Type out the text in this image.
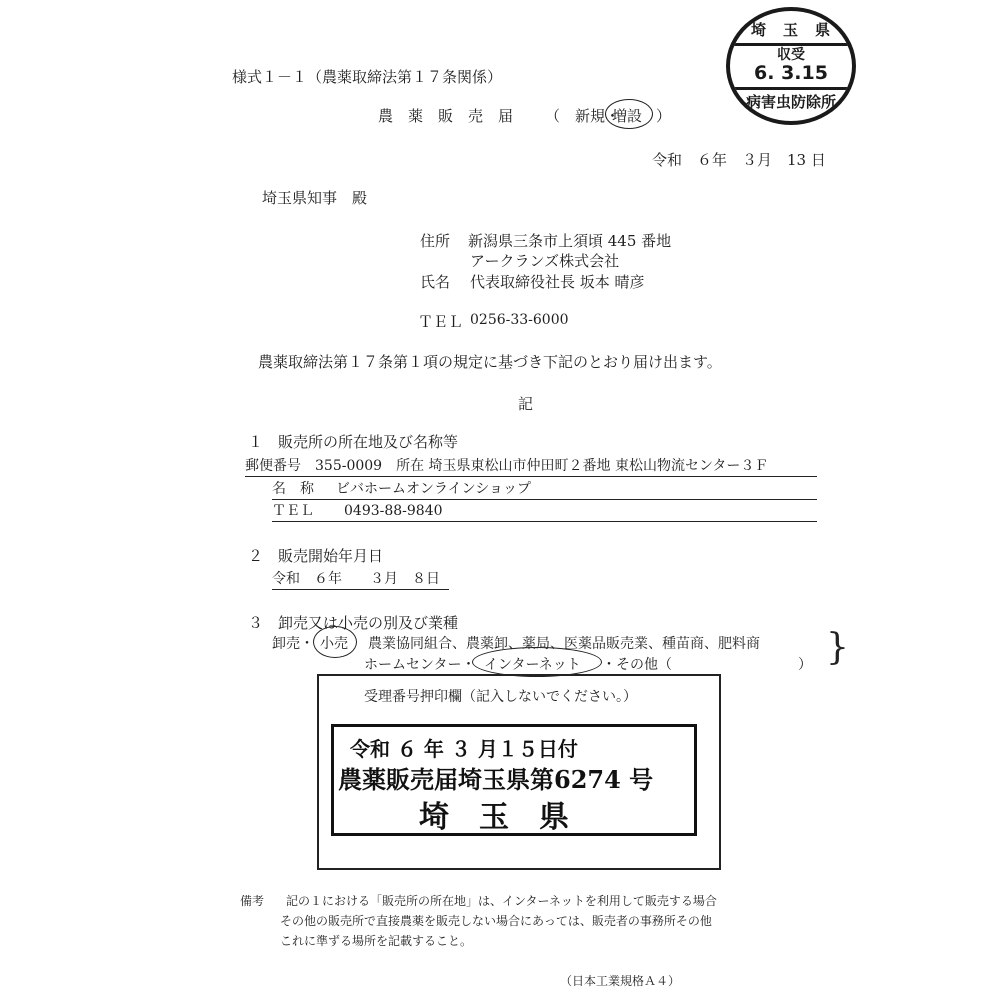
埼　玉　県
収受
6. 3.15
病害虫防除所
様式１－１（農薬取締法第１７条関係）
農　薬　販　売　届 （　新規・
増設 ）
令和　６年　３月　13 日
埼玉県知事　殿
住所 新潟県三条市上須頃 445 番地
アークランズ株式会社
氏名 代表取締役社長 坂本 晴彦
ＴＥＬ 0256-33-6000
農薬取締法第１７条第１項の規定に基づき下記のとおり届け出ます。
記
１　販売所の所在地及び名称等
郵便番号　355-0009　所在 埼玉県東松山市仲田町２番地 東松山物流センター３Ｆ
名　称 ビバホームオンラインショップ
ＴＥＬ 0493-88-9840
２　販売開始年月日
令和　６年　　３月　８日
３　卸売又は小売の別及び業種
卸売・ 小売 農業協同組合、農薬卸、薬局、医薬品販売業、種苗商、肥料商
ホームセンター・ インターネット ・その他（　　　　　　　　　） }
受理番号押印欄（記入しないでください。）
令和 ６ 年 ３ 月１５日付
農薬販売届埼玉県第6274 号
埼　玉　県
備考 記の１における「販売所の所在地」は、インターネットを利用して販売する場合
その他の販売所で直接農薬を販売しない場合にあっては、販売者の事務所その他
これに準ずる場所を記載すること。
（日本工業規格Ａ４）
